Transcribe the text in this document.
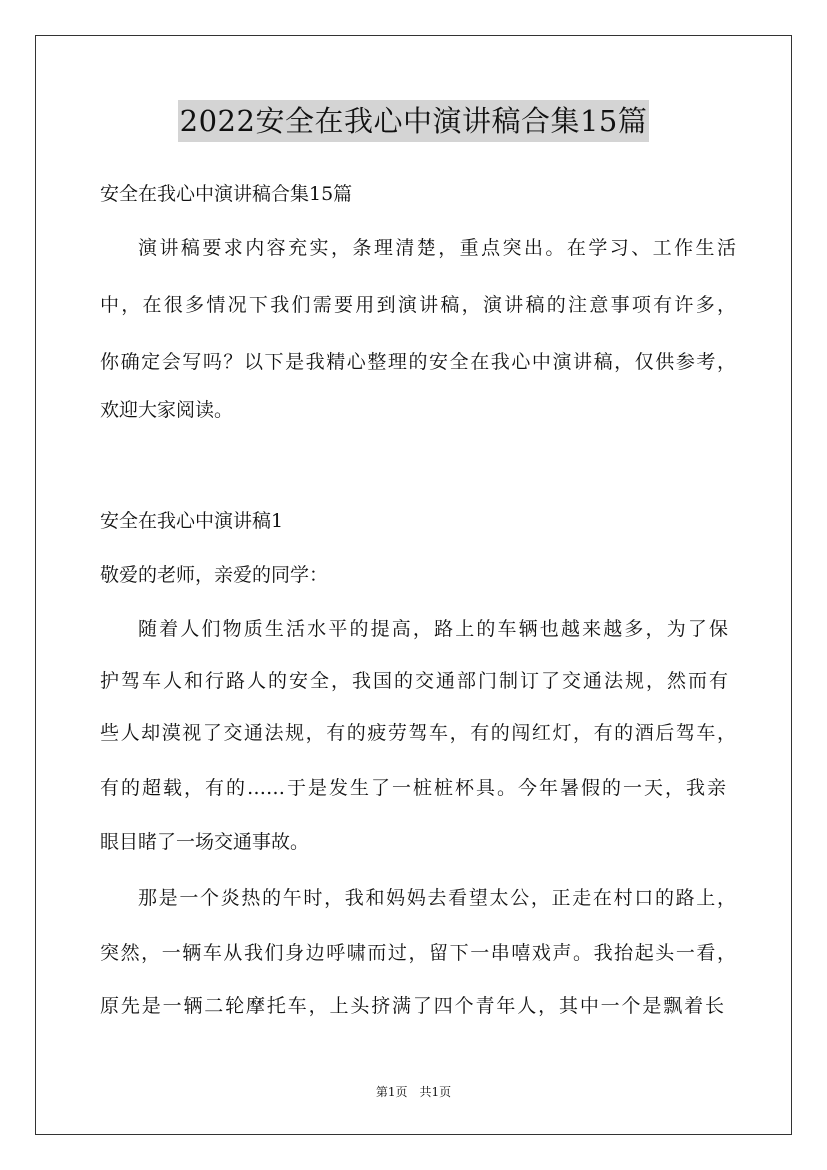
2022安全在我心中演讲稿合集15篇
安全在我心中演讲稿合集15篇
演讲稿要求内容充实，条理清楚，重点突出。在学习、工作生活
中，在很多情况下我们需要用到演讲稿，演讲稿的注意事项有许多，
你确定会写吗？以下是我精心整理的安全在我心中演讲稿，仅供参考，
欢迎大家阅读。
安全在我心中演讲稿1
敬爱的老师，亲爱的同学：
随着人们物质生活水平的提高，路上的车辆也越来越多，为了保
护驾车人和行路人的安全，我国的交通部门制订了交通法规，然而有
些人却漠视了交通法规，有的疲劳驾车，有的闯红灯，有的酒后驾车，
有的超载，有的……于是发生了一桩桩杯具。今年暑假的一天，我亲
眼目睹了一场交通事故。
那是一个炎热的午时，我和妈妈去看望太公，正走在村口的路上，
突然，一辆车从我们身边呼啸而过，留下一串嘻戏声。我抬起头一看，
原先是一辆二轮摩托车，上头挤满了四个青年人，其中一个是飘着长
第1页　共1页
